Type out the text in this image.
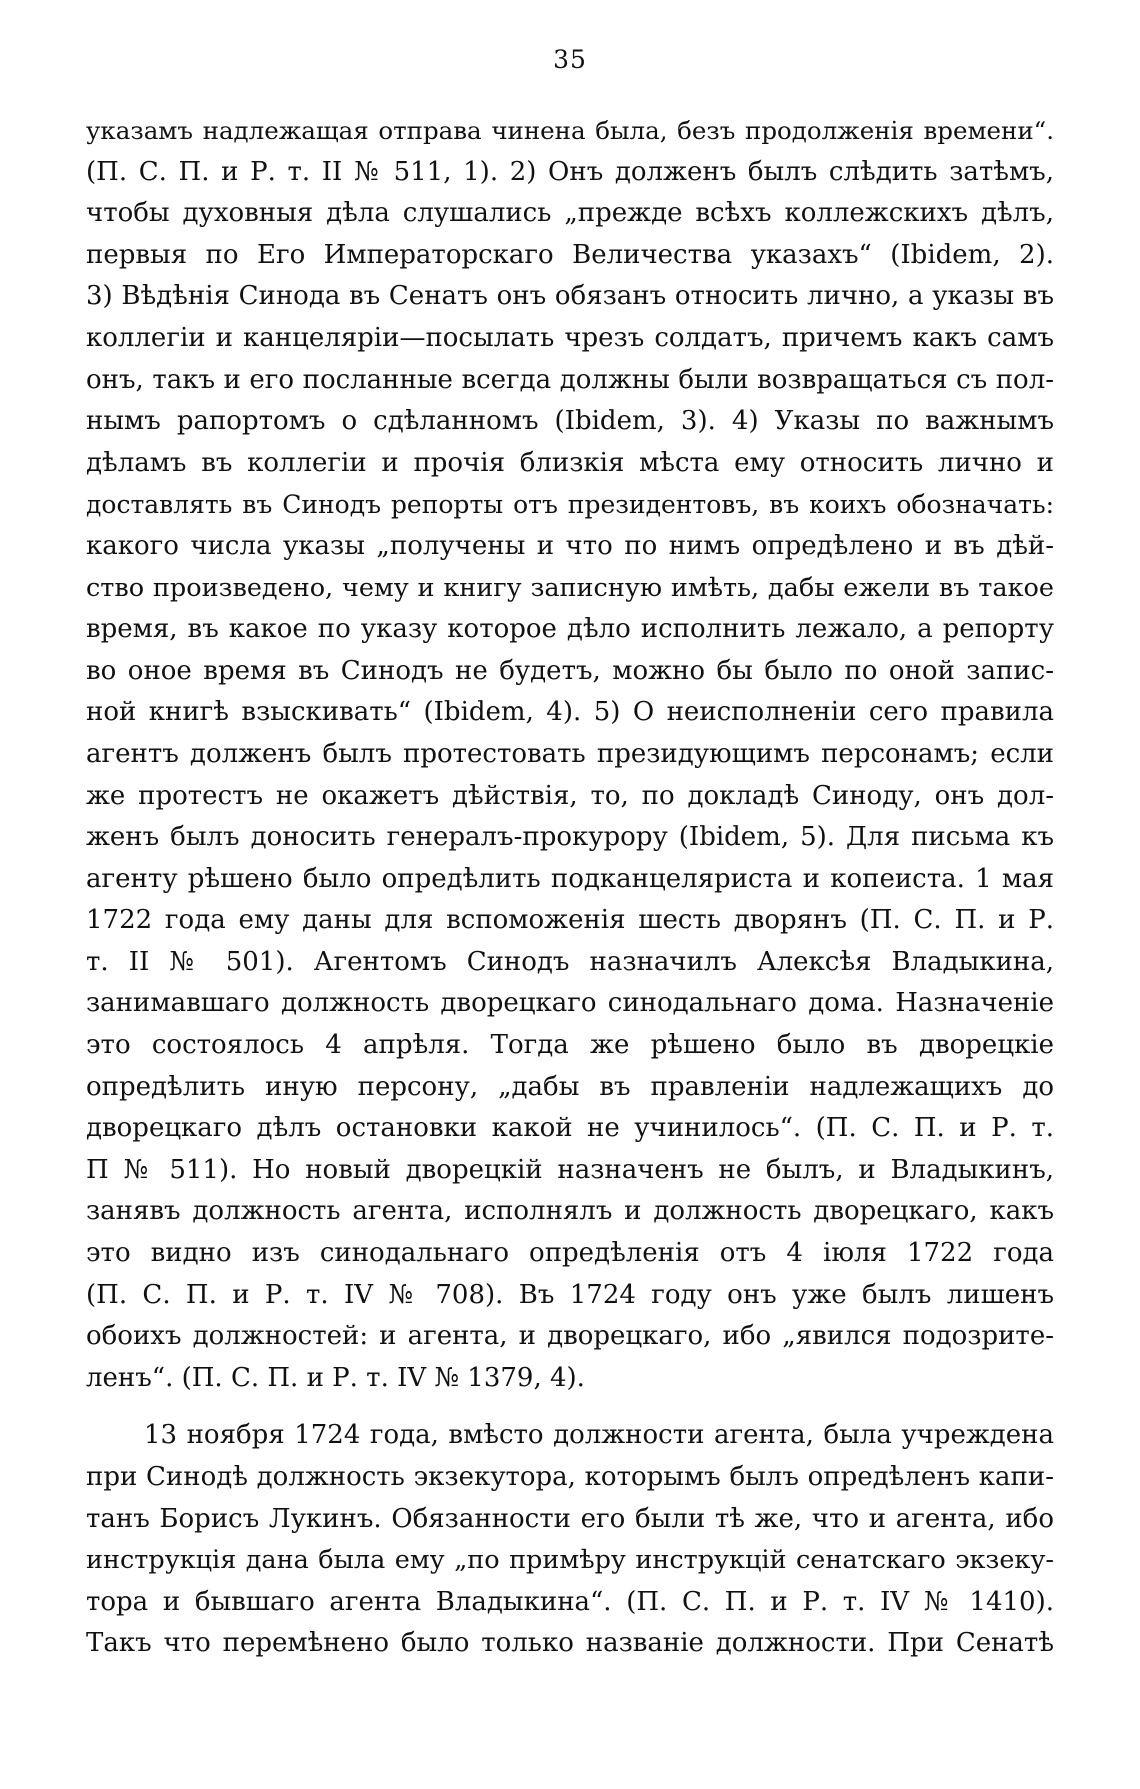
35
указамъ надлежащая отправа чинена была, безъ продолженія времени“.
(П. С. П. и Р. т. II № 511, 1). 2) Онъ долженъ былъ слѣдить затѣмъ,
чтобы духовныя дѣла слушались „прежде всѣхъ коллежскихъ дѣлъ,
первыя по Его Императорскаго Величества указахъ“ (Ibidem, 2).
3) Вѣдѣнія Синода въ Сенатъ онъ обязанъ относить лично, а указы въ
коллегіи и канцеляріи—посылать чрезъ солдатъ, причемъ какъ самъ
онъ, такъ и его посланные всегда должны были возвращаться съ пол-
нымъ рапортомъ о сдѣланномъ (Ibidem, 3). 4) Указы по важнымъ
дѣламъ въ коллегіи и прочія близкія мѣста ему относить лично и
доставлять въ Синодъ репорты отъ президентовъ, въ коихъ обозначать:
какого числа указы „получены и что по нимъ опредѣлено и въ дѣй-
ство произведено, чему и книгу записную имѣть, дабы ежели въ такое
время, въ какое по указу которое дѣло исполнить лежало, а репорту
во оное время въ Синодъ не будетъ, можно бы было по оной запис-
ной книгѣ взыскивать“ (Ibidem, 4). 5) О неисполненіи сего правила
агентъ долженъ былъ протестовать президующимъ персонамъ; если
же протестъ не окажетъ дѣйствія, то, по докладѣ Синоду, онъ дол-
женъ былъ доносить генералъ-прокурору (Ibidem, 5). Для письма къ
агенту рѣшено было опредѣлить подканцеляриста и копеиста. 1 мая
1722 года ему даны для вспоможенія шесть дворянъ (П. С. П. и Р.
т. II № 501). Агентомъ Синодъ назначилъ Алексѣя Владыкина,
занимавшаго должность дворецкаго синодальнаго дома. Назначеніе
это состоялось 4 апрѣля. Тогда же рѣшено было въ дворецкіе
опредѣлить иную персону, „дабы въ правленіи надлежащихъ до
дворецкаго дѣлъ остановки какой не учинилось“. (П. С. П. и Р. т.
П № 511). Но новый дворецкій назначенъ не былъ, и Владыкинъ,
занявъ должность агента, исполнялъ и должность дворецкаго, какъ
это видно изъ синодальнаго опредѣленія отъ 4 іюля 1722 года
(П. С. П. и Р. т. IV № 708). Въ 1724 году онъ уже былъ лишенъ
обоихъ должностей: и агента, и дворецкаго, ибо „явился подозрите-
ленъ“. (П. С. П. и Р. т. IV № 1379, 4).
13 ноября 1724 года, вмѣсто должности агента, была учреждена
при Синодѣ должность экзекутора, которымъ былъ опредѣленъ капи-
танъ Борисъ Лукинъ. Обязанности его были тѣ же, что и агента, ибо
инструкція дана была ему „по примѣру инструкцій сенатскаго экзеку-
тора и бывшаго агента Владыкина“. (П. С. П. и Р. т. IV № 1410).
Такъ что перемѣнено было только названіе должности. При Сенатѣ
